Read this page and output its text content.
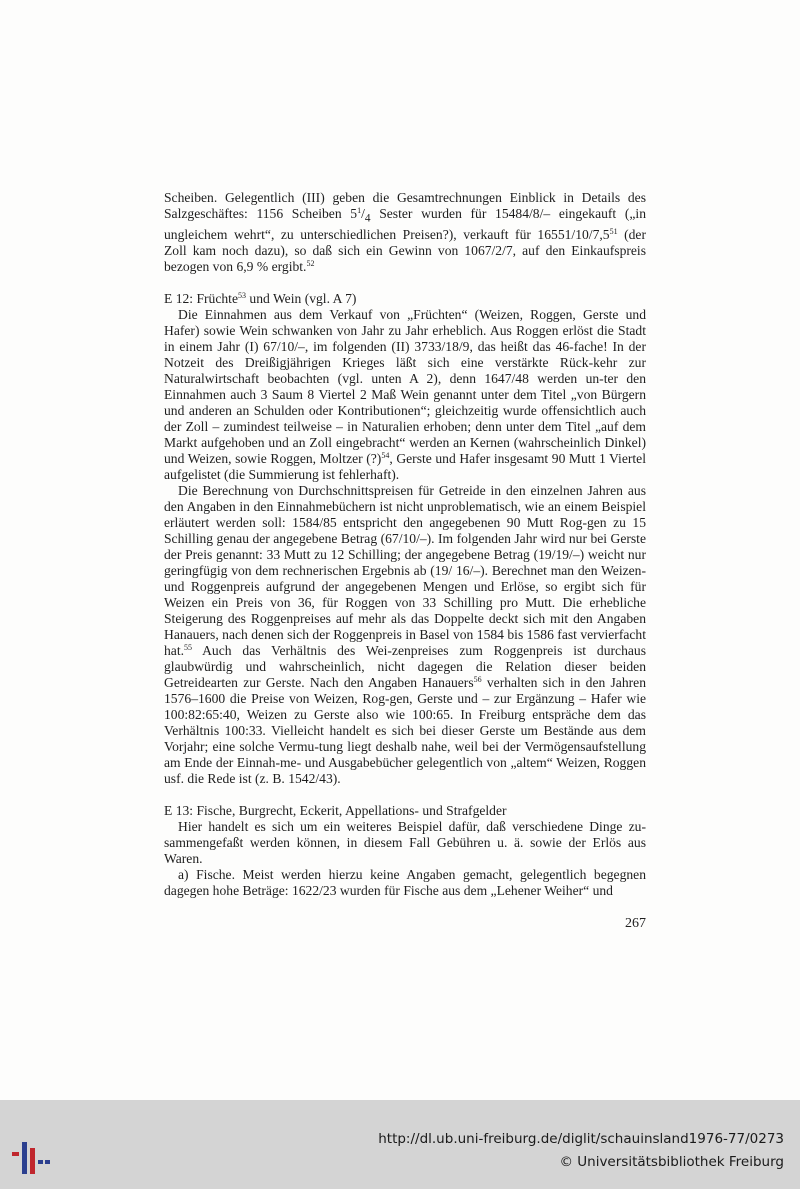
Scheiben. Gelegentlich (III) geben die Gesamtrechnungen Einblick in Details des Salzgeschäftes: 1156 Scheiben $5^1/_4$ Sester wurden für 15484/8/– eingekauft („in ungleichem wehrt“, zu unterschiedlichen Preisen?), verkauft für $16551/10/7,5^{51}$ (der Zoll kam noch dazu), so daß sich ein Gewinn von 1067/2/7, auf den Einkaufspreis bezogen von 6,9 % ergibt.$^{52}$

E 12: Früchte$^{53}$ und Wein (vgl. A 7)

Die Einnahmen aus dem Verkauf von „Früchten“ (Weizen, Roggen, Gerste und Hafer) sowie Wein schwanken von Jahr zu Jahr erheblich. Aus Roggen erlöst die Stadt in einem Jahr (I) 67/10/–, im folgenden (II) 3733/18/9, das heißt das 46-fache! In der Notzeit des Dreißigjährigen Krieges läßt sich eine verstärkte Rück-kehr zur Naturalwirtschaft beobachten (vgl. unten A 2), denn 1647/48 werden un-ter den Einnahmen auch 3 Saum 8 Viertel 2 Maß Wein genannt unter dem Titel „von Bürgern und anderen an Schulden oder Kontributionen“; gleichzeitig wurde offensichtlich auch der Zoll – zumindest teilweise – in Naturalien erhoben; denn unter dem Titel „auf dem Markt aufgehoben und an Zoll eingebracht“ werden an Kernen (wahrscheinlich Dinkel) und Weizen, sowie Roggen, Moltzer (?)$^{54}$, Gerste und Hafer insgesamt 90 Mutt 1 Viertel aufgelistet (die Summierung ist fehlerhaft).

Die Berechnung von Durchschnittspreisen für Getreide in den einzelnen Jahren aus den Angaben in den Einnahmebüchern ist nicht unproblematisch, wie an einem Beispiel erläutert werden soll: 1584/85 entspricht den angegebenen 90 Mutt Rog-gen zu 15 Schilling genau der angegebene Betrag (67/10/–). Im folgenden Jahr wird nur bei Gerste der Preis genannt: 33 Mutt zu 12 Schilling; der angegebene Betrag (19/19/–) weicht nur geringfügig von dem rechnerischen Ergebnis ab (19/ 16/–). Berechnet man den Weizen- und Roggenpreis aufgrund der angegebenen Mengen und Erlöse, so ergibt sich für Weizen ein Preis von 36, für Roggen von 33 Schilling pro Mutt. Die erhebliche Steigerung des Roggenpreises auf mehr als das Doppelte deckt sich mit den Angaben Hanauers, nach denen sich der Roggenpreis in Basel von 1584 bis 1586 fast vervierfacht hat.$^{55}$ Auch das Verhältnis des Wei-zenpreises zum Roggenpreis ist durchaus glaubwürdig und wahrscheinlich, nicht dagegen die Relation dieser beiden Getreidearten zur Gerste. Nach den Angaben Hanauers$^{56}$ verhalten sich in den Jahren 1576–1600 die Preise von Weizen, Rog-gen, Gerste und – zur Ergänzung – Hafer wie 100:82:65:40, Weizen zu Gerste also wie 100:65. In Freiburg entspräche dem das Verhältnis 100:33. Vielleicht handelt es sich bei dieser Gerste um Bestände aus dem Vorjahr; eine solche Vermu-tung liegt deshalb nahe, weil bei der Vermögensaufstellung am Ende der Einnah-me- und Ausgabebücher gelegentlich von „altem“ Weizen, Roggen usf. die Rede ist (z. B. 1542/43).

E 13: Fische, Burgrecht, Eckerit, Appellations- und Strafgelder

Hier handelt es sich um ein weiteres Beispiel dafür, daß verschiedene Dinge zu-sammengefaßt werden können, in diesem Fall Gebühren u. ä. sowie der Erlös aus Waren.

a) Fische. Meist werden hierzu keine Angaben gemacht, gelegentlich begegnen dagegen hohe Beträge: 1622/23 wurden für Fische aus dem „Lehener Weiher“ und

267
http://dl.ub.uni-freiburg.de/diglit/schauinsland1976-77/0273
© Universitätsbibliothek Freiburg
